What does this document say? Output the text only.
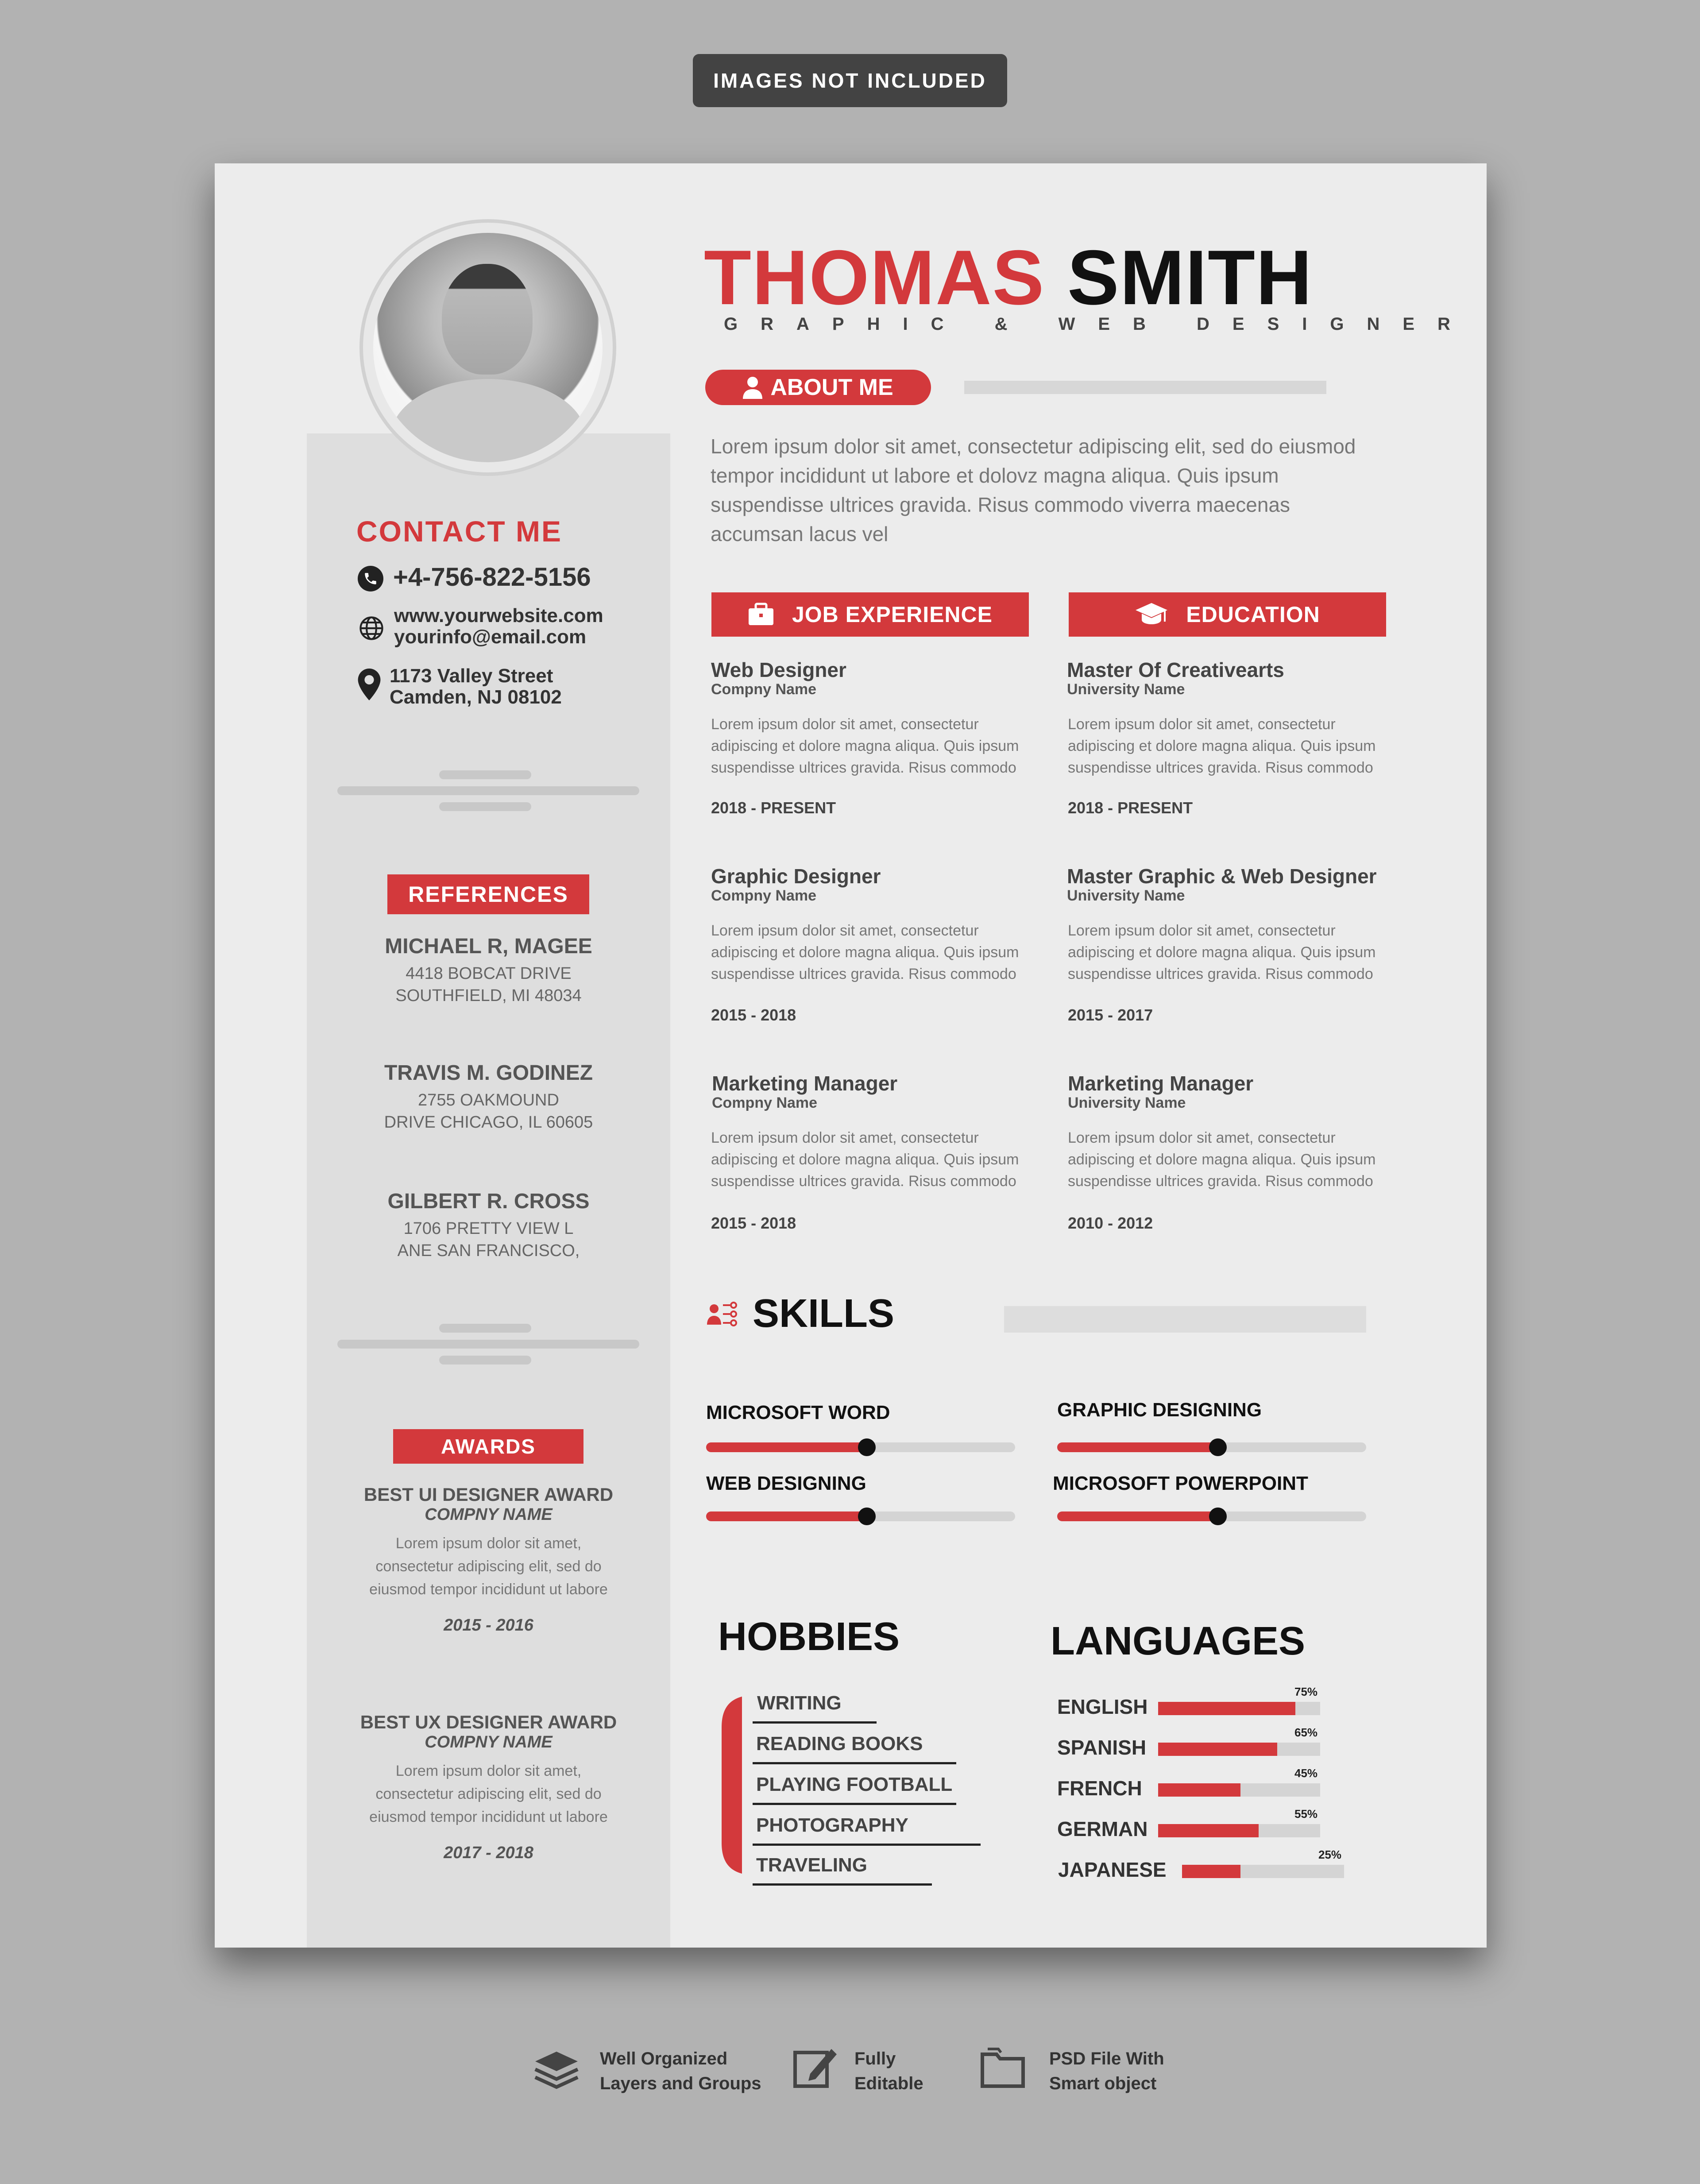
IMAGES NOT INCLUDED
CONTACT ME
+4-756-822-5156
www.yourwebsite.com
yourinfo@email.com
1173 Valley Street
Camden, NJ 08102
REFERENCES
MICHAEL R, MAGEE
4418 BOBCAT DRIVE
SOUTHFIELD, MI 48034
TRAVIS M. GODINEZ
2755 OAKMOUND
DRIVE CHICAGO, IL 60605
GILBERT R. CROSS
1706 PRETTY VIEW L
ANE SAN FRANCISCO,
AWARDS
BEST UI DESIGNER AWARD
COMPNY NAME
Lorem ipsum dolor sit amet,
consectetur adipiscing elit, sed do
eiusmod tempor incididunt ut labore
2015 - 2016
BEST UX DESIGNER AWARD
COMPNY NAME
Lorem ipsum dolor sit amet,
consectetur adipiscing elit, sed do
eiusmod tempor incididunt ut labore
2017 - 2018
THOMAS SMITH
GRAPHIC & WEB DESIGNER
ABOUT ME
Lorem ipsum dolor sit amet, consectetur adipiscing elit, sed do eiusmod tempor incididunt ut labore et dolovz magna aliqua. Quis ipsum suspendisse ultrices gravida. Risus commodo viverra maecenas accumsan lacus vel
JOB EXPERIENCE	EDUCATION
Web Designer
Compny Name
Lorem ipsum dolor sit amet, consectetur adipiscing et dolore magna aliqua. Quis ipsum suspendisse ultrices gravida. Risus commodo
2018 - PRESENT
Graphic Designer
Compny Name
Lorem ipsum dolor sit amet, consectetur adipiscing et dolore magna aliqua. Quis ipsum suspendisse ultrices gravida. Risus commodo
2015 - 2018
Marketing Manager
Compny Name
Lorem ipsum dolor sit amet, consectetur adipiscing et dolore magna aliqua. Quis ipsum suspendisse ultrices gravida. Risus commodo
2015 - 2018
Master Of Creativearts
University Name
Lorem ipsum dolor sit amet, consectetur adipiscing et dolore magna aliqua. Quis ipsum suspendisse ultrices gravida. Risus commodo
2018 - PRESENT
Master Graphic & Web Designer
University Name
Lorem ipsum dolor sit amet, consectetur adipiscing et dolore magna aliqua. Quis ipsum suspendisse ultrices gravida. Risus commodo
2015 - 2017
Marketing Manager
University Name
Lorem ipsum dolor sit amet, consectetur adipiscing et dolore magna aliqua. Quis ipsum suspendisse ultrices gravida. Risus commodo
2010 - 2012
SKILLS
MICROSOFT WORD	GRAPHIC DESIGNING
WEB DESIGNING	MICROSOFT POWERPOINT
HOBBIES
WRITING
READING BOOKS
PLAYING FOOTBALL
PHOTOGRAPHY
TRAVELING
LANGUAGES
ENGLISH
75%
SPANISH
65%
FRENCH
45%
GERMAN
55%
JAPANESE
25%
Well Organized
Layers and Groups
Fully
Editable
PSD File With
Smart object
